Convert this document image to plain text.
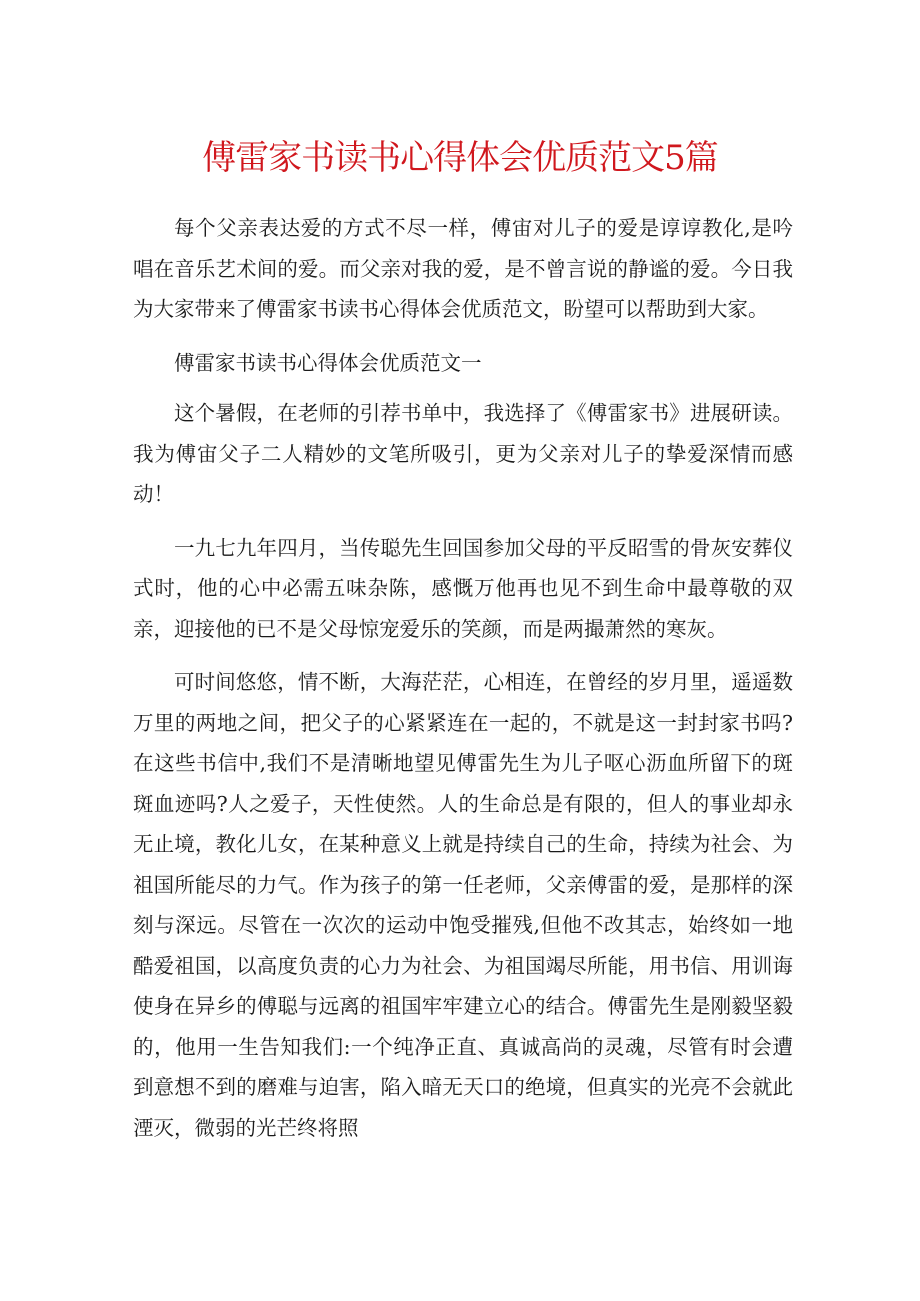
傅雷家书读书心得体会优质范文5篇

每个父亲表达爱的方式不尽一样，傅宙对儿子的爱是谆谆教化,是吟唱在音乐艺术间的爱。而父亲对我的爱，是不曾言说的静谧的爱。今日我为大家带来了傅雷家书读书心得体会优质范文，盼望可以帮助到大家。

傅雷家书读书心得体会优质范文一

这个暑假，在老师的引荐书单中，我选择了《傅雷家书》进展研读。我为傅宙父子二人精妙的文笔所吸引，更为父亲对儿子的挚爱深情而感动！

一九七九年四月，当传聪先生回国参加父母的平反昭雪的骨灰安葬仪式时，他的心中必需五味杂陈，感慨万他再也见不到生命中最尊敬的双亲，迎接他的已不是父母惊宠爱乐的笑颜，而是两撮萧然的寒灰。

可时间悠悠，情不断，大海茫茫，心相连，在曾经的岁月里，遥遥数万里的两地之间，把父子的心紧紧连在一起的，不就是这一封封家书吗?在这些书信中,我们不是清晰地望见傅雷先生为儿子呕心沥血所留下的斑斑血迹吗?人之爱子，天性使然。人的生命总是有限的，但人的事业却永无止境，教化儿女，在某种意义上就是持续自己的生命，持续为社会、为祖国所能尽的力气。作为孩子的第一任老师，父亲傅雷的爱，是那样的深刻与深远。尽管在一次次的运动中饱受摧残,但他不改其志，始终如一地酷爱祖国，以高度负责的心力为社会、为祖国竭尽所能，用书信、用训诲使身在异乡的傅聪与远离的祖国牢牢建立心的结合。傅雷先生是刚毅坚毅的，他用一生告知我们:一个纯净正直、真诚高尚的灵魂，尽管有时会遭到意想不到的磨难与迫害，陷入暗无天口的绝境，但真实的光亮不会就此湮灭，微弱的光芒终将照
